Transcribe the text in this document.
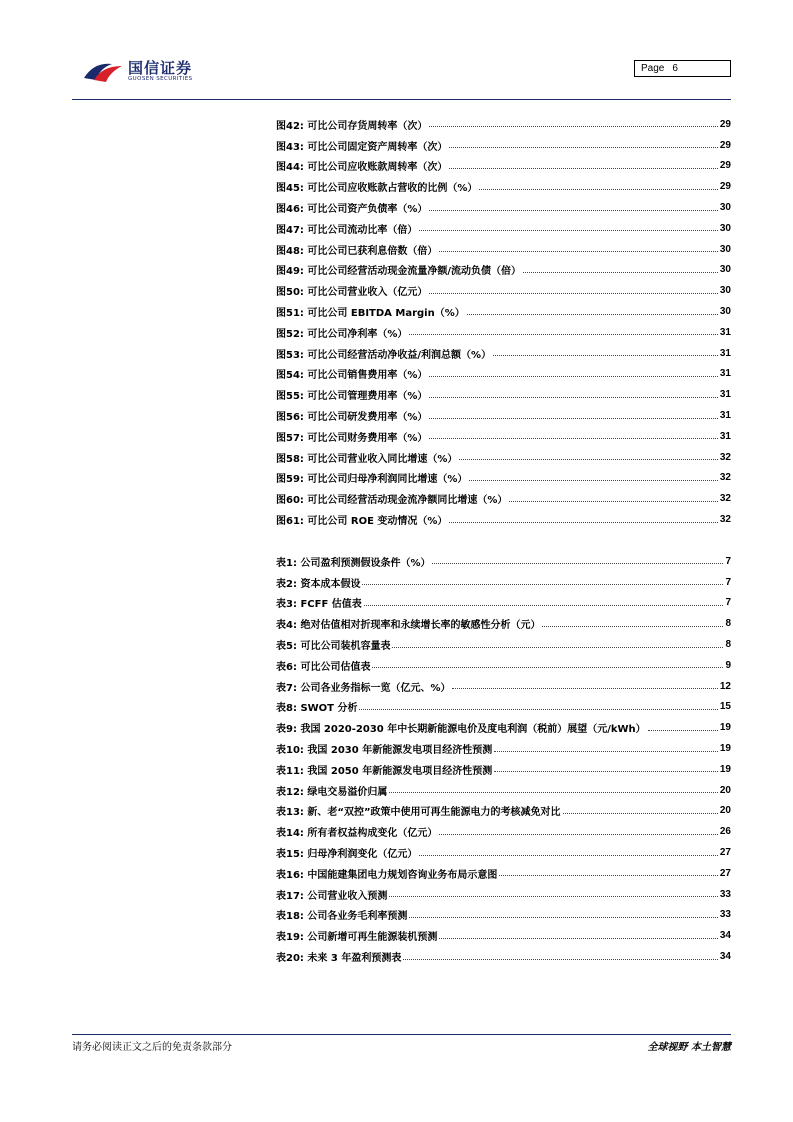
国信证券
GUOSEN SECURITIES
Page 6
图42: 可比公司存货周转率（次）	29
图43: 可比公司固定资产周转率（次）	29
图44: 可比公司应收账款周转率（次）	29
图45: 可比公司应收账款占营收的比例（%）	29
图46: 可比公司资产负债率（%）	30
图47: 可比公司流动比率（倍）	30
图48: 可比公司已获利息倍数（倍）	30
图49: 可比公司经营活动现金流量净额/流动负债（倍）	30
图50: 可比公司营业收入（亿元）	30
图51: 可比公司 EBITDA Margin（%）	30
图52: 可比公司净利率（%）	31
图53: 可比公司经营活动净收益/利润总额（%）	31
图54: 可比公司销售费用率（%）	31
图55: 可比公司管理费用率（%）	31
图56: 可比公司研发费用率（%）	31
图57: 可比公司财务费用率（%）	31
图58: 可比公司营业收入同比增速（%）	32
图59: 可比公司归母净利润同比增速（%）	32
图60: 可比公司经营活动现金流净额同比增速（%）	32
图61: 可比公司 ROE 变动情况（%）	32
表1: 公司盈利预测假设条件（%）	7
表2: 资本成本假设	7
表3: FCFF 估值表	7
表4: 绝对估值相对折现率和永续增长率的敏感性分析（元）	8
表5: 可比公司装机容量表	8
表6: 可比公司估值表	9
表7: 公司各业务指标一览（亿元、%）	12
表8: SWOT 分析	15
表9: 我国 2020-2030 年中长期新能源电价及度电利润（税前）展望（元/kWh）	19
表10: 我国 2030 年新能源发电项目经济性预测	19
表11: 我国 2050 年新能源发电项目经济性预测	19
表12: 绿电交易溢价归属	20
表13: 新、老“双控”政策中使用可再生能源电力的考核减免对比	20
表14: 所有者权益构成变化（亿元）	26
表15: 归母净利润变化（亿元）	27
表16: 中国能建集团电力规划咨询业务布局示意图	27
表17: 公司营业收入预测	33
表18: 公司各业务毛利率预测	33
表19: 公司新增可再生能源装机预测	34
表20: 未来 3 年盈利预测表	34
请务必阅读正文之后的免责条款部分	全球视野 本土智慧
